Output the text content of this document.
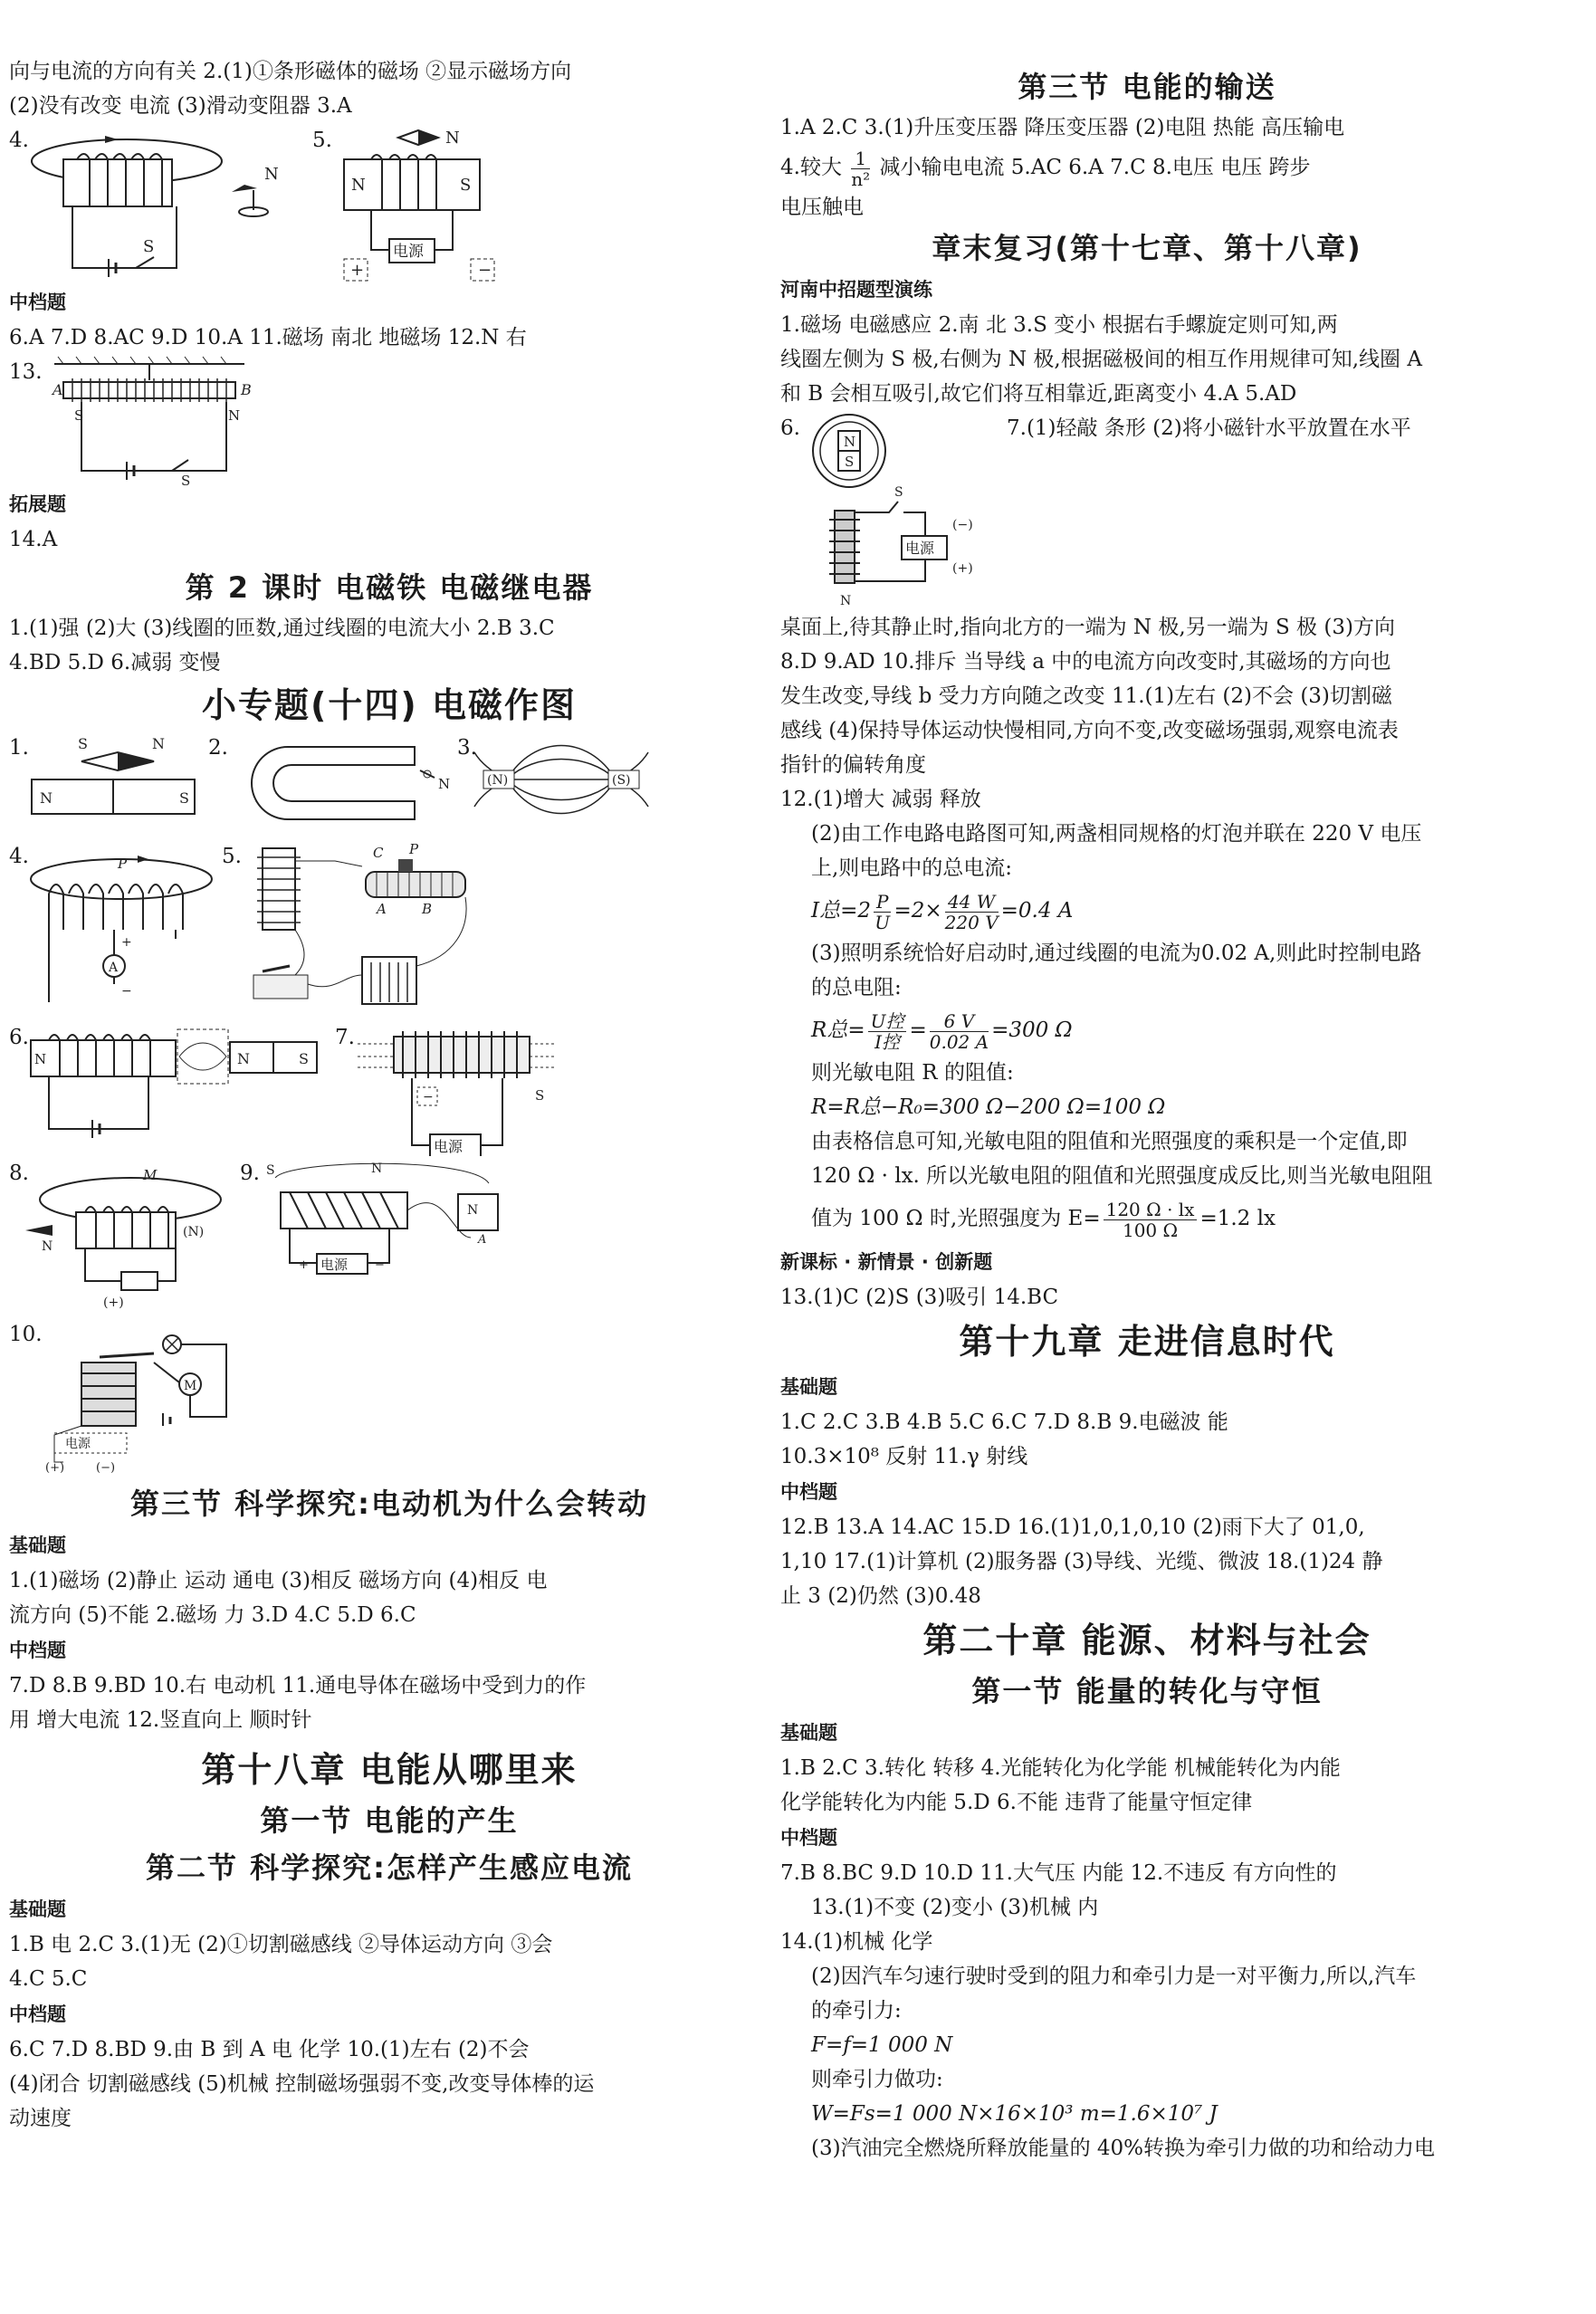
向与电流的方向有关 2.(1)①条形磁体的磁场 ②显示磁场方向
(2)没有改变 电流 (3)滑动变阻器 3.A
4.
S
N
5.	N
N	S
电源
+	−
中档题
6.A 7.D 8.AC 9.D 10.A 11.磁场 南北 地磁场 12.N 右
13.
A	B
S	N
S
拓展题
14.A
第 2 课时 电磁铁 电磁继电器
1.(1)强 (2)大 (3)线圈的匝数,通过线圈的电流大小 2.B 3.C
4.BD 5.D 6.减弱 变慢
小专题(十四) 电磁作图
1.	S	N
N	S
2.
N
3.
(N)	(S)
4.	P
A
+
−
5.	C P
A	B
6.
N	N	S
7.
电源
−	S
8.	M
N
(N)
(+)
9. S	N
N
A
电源
+	−
10.
M
电源
(+)	(−)
第三节 科学探究:电动机为什么会转动
基础题
1.(1)磁场 (2)静止 运动 通电 (3)相反 磁场方向 (4)相反 电
流方向 (5)不能 2.磁场 力 3.D 4.C 5.D 6.C
中档题
7.D 8.B 9.BD 10.右 电动机 11.通电导体在磁场中受到力的作
用 增大电流 12.竖直向上 顺时针
第十八章 电能从哪里来
第一节 电能的产生
第二节 科学探究:怎样产生感应电流
基础题
1.B 电 2.C 3.(1)无 (2)①切割磁感线 ②导体运动方向 ③会
4.C 5.C
中档题
6.C 7.D 8.BD 9.由 B 到 A 电 化学 10.(1)左右 (2)不会
(4)闭合 切割磁感线 (5)机械 控制磁场强弱不变,改变导体棒的运
动速度
第三节 电能的输送
1.A 2.C 3.(1)升压变压器 降压变压器 (2)电阻 热能 高压输电
4.较大 $\frac{1}{\text{n²}}$ 减小输电电流 5.AC 6.A 7.C 8.电压 电压 跨步
电压触电
章末复习(第十七章、第十八章)
河南中招题型演练
1.磁场 电磁感应 2.南 北 3.S 变小 根据右手螺旋定则可知,两
线圈左侧为 S 极,右侧为 N 极,根据磁极间的相互作用规律可知,线圈 A
和 B 会相互吸引,故它们将互相靠近,距离变小 4.A 5.AD
6.
N
S
S
电源
(−)
(+)
N
7.(1)轻敲 条形 (2)将小磁针水平放置在水平
桌面上,待其静止时,指向北方的一端为 N 极,另一端为 S 极 (3)方向
8.D 9.AD 10.排斥 当导线 a 中的电流方向改变时,其磁场的方向也
发生改变,导线 b 受力方向随之改变 11.(1)左右 (2)不会 (3)切割磁
感线 (4)保持导体运动快慢相同,方向不变,改变磁场强弱,观察电流表
指针的偏转角度
12.(1)增大 减弱 释放
(2)由工作电路电路图可知,两盏相同规格的灯泡并联在 220 V 电压
上,则电路中的总电流:
I总$=2 \frac{P}{U} =2\times \frac{44 W}{220 V} =0.4$ A
(3)照明系统恰好启动时,通过线圈的电流为0.02 A,则此时控制电路
的总电阻:
R总= $\frac{\text{U控}}{\text{I控}} = \frac{6 V}{0.02 A} =300$ Ω
则光敏电阻 R 的阻值:
R=R总−R₀=300 Ω−200 Ω=100 Ω
由表格信息可知,光敏电阻的阻值和光照强度的乘积是一个定值,即
120 Ω · lx. 所以光敏电阻的阻值和光照强度成反比,则当光敏电阻阻
值为 100 Ω 时,光照强度为 $E= \frac{120 \Omega \cdot lx}{100 \Omega} =1.2$ lx
新课标 · 新情景 · 创新题
13.(1)C (2)S (3)吸引 14.BC
第十九章 走进信息时代
基础题
1.C 2.C 3.B 4.B 5.C 6.C 7.D 8.B 9.电磁波 能
10.3×10⁸ 反射 11.γ 射线
中档题
12.B 13.A 14.AC 15.D 16.(1)1,0,1,0,10 (2)雨下大了 01,0,
1,10 17.(1)计算机 (2)服务器 (3)导线、光缆、微波 18.(1)24 静
止 3 (2)仍然 (3)0.48
第二十章 能源、材料与社会
第一节 能量的转化与守恒
基础题
1.B 2.C 3.转化 转移 4.光能转化为化学能 机械能转化为内能
化学能转化为内能 5.D 6.不能 违背了能量守恒定律
中档题
7.B 8.BC 9.D 10.D 11.大气压 内能 12.不违反 有方向性的
13.(1)不变 (2)变小 (3)机械 内
14.(1)机械 化学
(2)因汽车匀速行驶时受到的阻力和牵引力是一对平衡力,所以,汽车
的牵引力:
F=f=1 000 N
则牵引力做功:
W=Fs=1 000 N×16×10³ m=1.6×10⁷ J
(3)汽油完全燃烧所释放能量的 40%转换为牵引力做的功和给动力电
